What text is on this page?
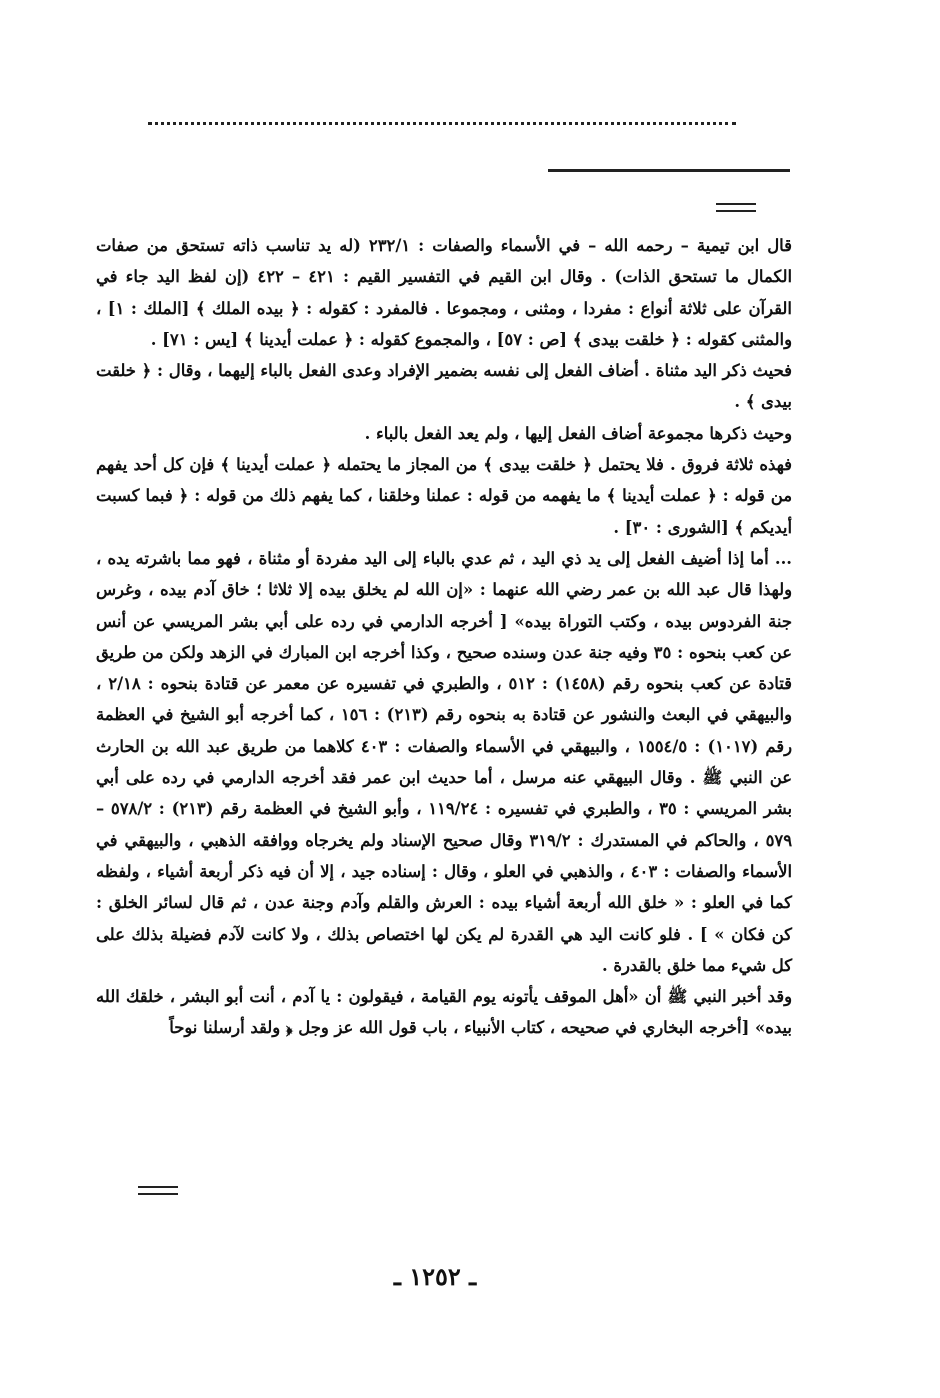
قال ابن تيمية – رحمه الله – في الأسماء والصفات : ٢٣٢/١ (له يد تناسب ذاته تستحق من صفات الكمال ما تستحق الذات) . وقال ابن القيم في التفسير القيم : ٤٢١ – ٤٢٢ (إن لفظ اليد جاء في القرآن على ثلاثة أنواع : مفردا ، ومثنى ، ومجموعا . فالمفرد : كقوله : ﴿ بيده الملك ﴾ [الملك : ١] ، والمثنى كقوله : ﴿ خلقت بيدى ﴾ [ص : ٥٧] ، والمجموع كقوله : ﴿ عملت أيدينا ﴾ [يس : ٧١] .

فحيث ذكر اليد مثناة . أضاف الفعل إلى نفسه بضمير الإفراد وعدى الفعل بالباء إليهما ، وقال : ﴿ خلقت بيدى ﴾ .

وحيث ذكرها مجموعة أضاف الفعل إليها ، ولم يعد الفعل بالباء .

فهذه ثلاثة فروق . فلا يحتمل ﴿ خلقت بيدى ﴾ من المجاز ما يحتمله ﴿ عملت أيدينا ﴾ فإن كل أحد يفهم من قوله : ﴿ عملت أيدينا ﴾ ما يفهمه من قوله : عملنا وخلقنا ، كما يفهم ذلك من قوله : ﴿ فبما كسبت أيديكم ﴾ [الشورى : ٣٠] .

... أما إذا أضيف الفعل إلى يد ذي اليد ، ثم عدي بالباء إلى اليد مفردة أو مثناة ، فهو مما باشرته يده ، ولهذا قال عبد الله بن عمر رضي الله عنهما : «إن الله لم يخلق بيده إلا ثلاثا ؛ خاق آدم بيده ، وغرس جنة الفردوس بيده ، وكتب التوراة بيده» [ أخرجه الدارمي في رده على أبي بشر المريسي عن أنس عن كعب بنحوه : ٣٥ وفيه جنة عدن وسنده صحيح ، وكذا أخرجه ابن المبارك في الزهد ولكن من طريق قتادة عن كعب بنحوه رقم (١٤٥٨) : ٥١٢ ، والطبري في تفسيره عن معمر عن قتادة بنحوه : ٢/١٨ ، والبيهقي في البعث والنشور عن قتادة به بنحوه رقم (٢١٣) : ١٥٦ ، كما أخرجه أبو الشيخ في العظمة رقم (١٠١٧) : ١٥٥٤/٥ ، والبيهقي في الأسماء والصفات : ٤٠٣ كلاهما من طريق عبد الله بن الحارث عن النبي ﷺ . وقال البيهقي عنه مرسل ، أما حديث ابن عمر فقد أخرجه الدارمي في رده على أبي بشر المريسي : ٣٥ ، والطبري في تفسيره : ١١٩/٢٤ ، وأبو الشيخ في العظمة رقم (٢١٣) : ٥٧٨/٢ – ٥٧٩ ، والحاكم في المستدرك : ٣١٩/٢ وقال صحيح الإسناد ولم يخرجاه ووافقه الذهبي ، والبيهقي في الأسماء والصفات : ٤٠٣ ، والذهبي في العلو ، وقال : إسناده جيد ، إلا أن فيه ذكر أربعة أشياء ، ولفظه كما في العلو : « خلق الله أربعة أشياء بيده : العرش والقلم وآدم وجنة عدن ، ثم قال لسائر الخلق : كن فكان » ] . فلو كانت اليد هي القدرة لم يكن لها اختصاص بذلك ، ولا كانت لآدم فضيلة بذلك على كل شيء مما خلق بالقدرة .

وقد أخبر النبي ﷺ أن «أهل الموقف يأتونه يوم القيامة ، فيقولون : يا آدم ، أنت أبو البشر ، خلقك الله بيده» [أخرجه البخاري في صحيحه ، كتاب الأنبياء ، باب قول الله عز وجل ﴿ ولقد أرسلنا نوحاً

ـ ١٢٥٢ ـ
